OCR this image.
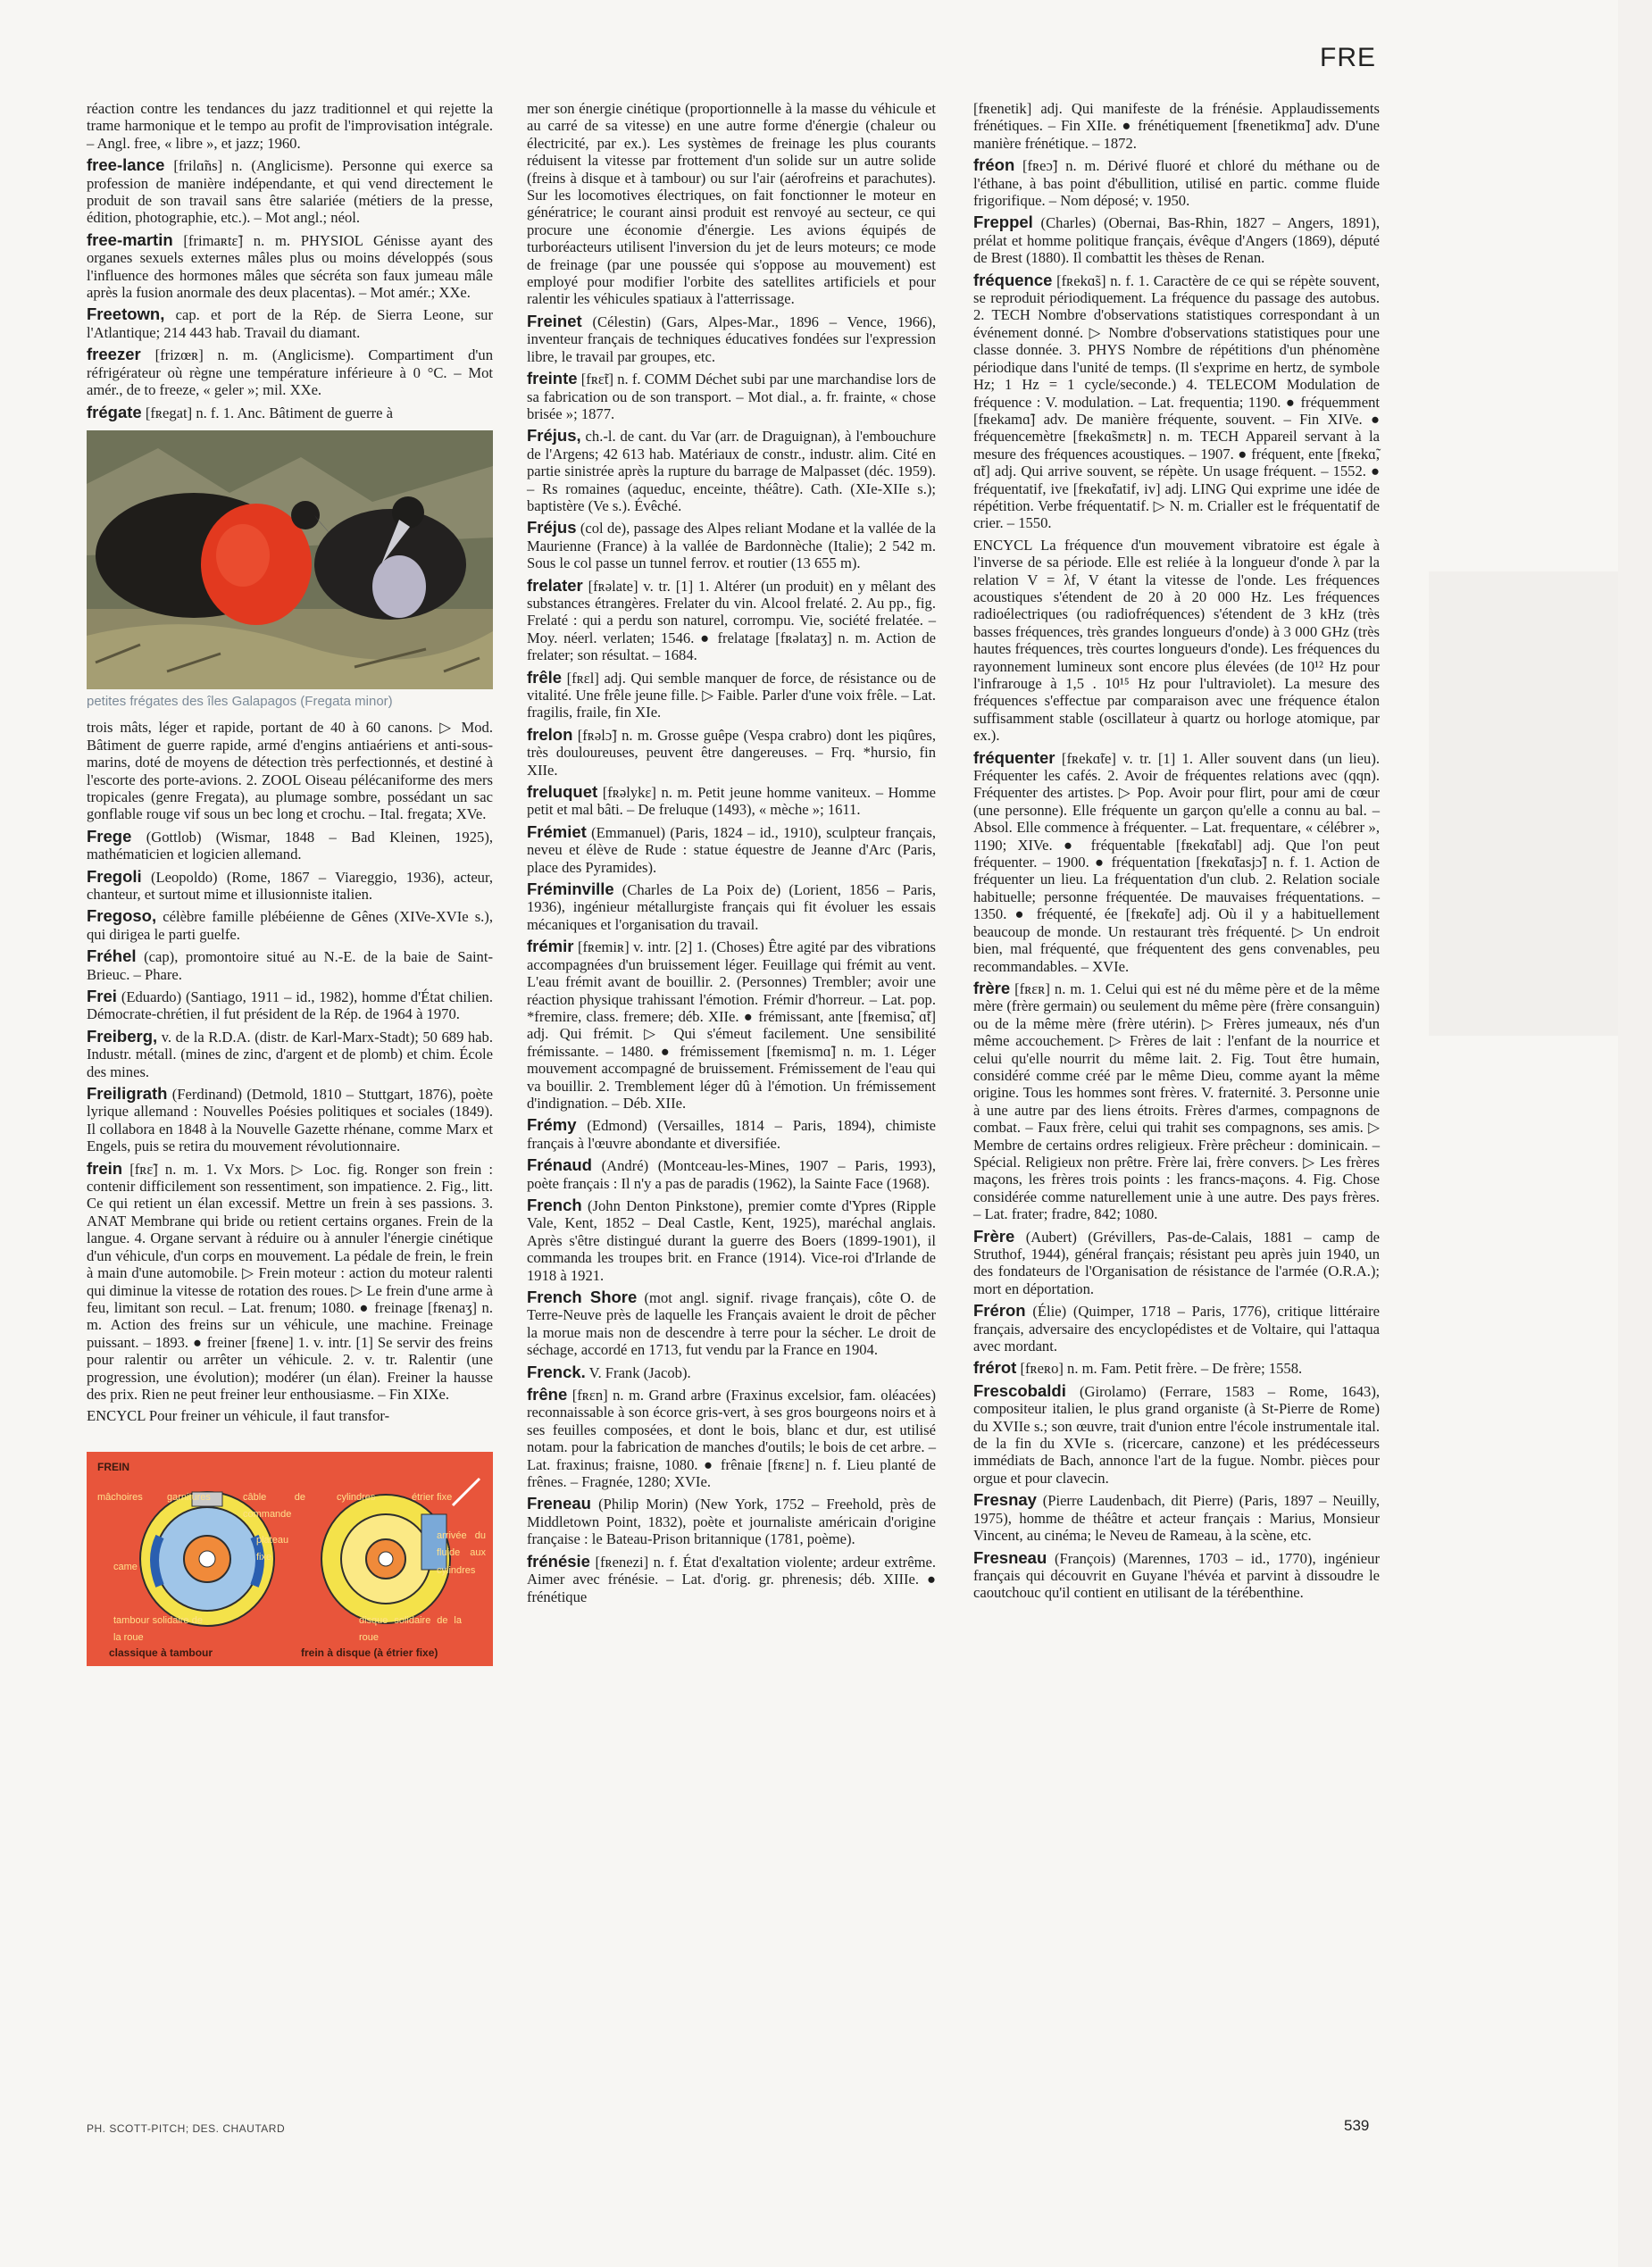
FRE

réaction contre les tendances du jazz traditionnel et qui rejette la trame harmonique et le tempo au profit de l'improvisation intégrale. – Angl. free, « libre », et jazz; 1960.

free-lance [frilɑ̃ns] n. (Anglicisme). Personne qui exerce sa profession de manière indépendante, et qui vend directement le produit de son travail sans être salariée (métiers de la presse, édition, photographie, etc.). – Mot angl.; néol.

free-martin [frimaʀtɛ̃] n. m. PHYSIOL Génisse ayant des organes sexuels externes mâles plus ou moins développés (sous l'influence des hormones mâles que sécréta son faux jumeau mâle après la fusion anormale des deux placentas). – Mot amér.; XXe.

Freetown, cap. et port de la Rép. de Sierra Leone, sur l'Atlantique; 214 443 hab. Travail du diamant.

freezer [frizœʀ] n. m. (Anglicisme). Compartiment d'un réfrigérateur où règne une température inférieure à 0 °C. – Mot amér., de to freeze, « geler »; mil. XXe.

frégate [fʀegat] n. f. 1. Anc. Bâtiment de guerre à

petites frégates des îles Galapagos (Fregata minor)

trois mâts, léger et rapide, portant de 40 à 60 canons. ▷ Mod. Bâtiment de guerre rapide, armé d'engins antiaériens et anti-sous-marins, doté de moyens de détection très perfectionnés, et destiné à l'escorte des porte-avions. 2. ZOOL Oiseau pélécaniforme des mers tropicales (genre Fregata), au plumage sombre, possédant un sac gonflable rouge vif sous un bec long et crochu. – Ital. fregata; XVe.

Frege (Gottlob) (Wismar, 1848 – Bad Kleinen, 1925), mathématicien et logicien allemand.

Fregoli (Leopoldo) (Rome, 1867 – Viareggio, 1936), acteur, chanteur, et surtout mime et illusionniste italien.

Fregoso, célèbre famille plébéienne de Gênes (XIVe-XVIe s.), qui dirigea le parti guelfe.

Fréhel (cap), promontoire situé au N.-E. de la baie de Saint-Brieuc. – Phare.

Frei (Eduardo) (Santiago, 1911 – id., 1982), homme d'État chilien. Démocrate-chrétien, il fut président de la Rép. de 1964 à 1970.

Freiberg, v. de la R.D.A. (distr. de Karl-Marx-Stadt); 50 689 hab. Industr. métall. (mines de zinc, d'argent et de plomb) et chim. École des mines.

Freiligrath (Ferdinand) (Detmold, 1810 – Stuttgart, 1876), poète lyrique allemand : Nouvelles Poésies politiques et sociales (1849). Il collabora en 1848 à la Nouvelle Gazette rhénane, comme Marx et Engels, puis se retira du mouvement révolutionnaire.

frein [fʀɛ̃] n. m. 1. Vx Mors. ▷ Loc. fig. Ronger son frein : contenir difficilement son ressentiment, son impatience. 2. Fig., litt. Ce qui retient un élan excessif. Mettre un frein à ses passions. 3. ANAT Membrane qui bride ou retient certains organes. Frein de la langue. 4. Organe servant à réduire ou à annuler l'énergie cinétique d'un véhicule, d'un corps en mouvement. La pédale de frein, le frein à main d'une automobile. ▷ Frein moteur : action du moteur ralenti qui diminue la vitesse de rotation des roues. ▷ Le frein d'une arme à feu, limitant son recul. – Lat. frenum; 1080. ● freinage [fʀenaʒ] n. m. Action des freins sur un véhicule, une machine. Freinage puissant. – 1893. ● freiner [fʀene] 1. v. intr. [1] Se servir des freins pour ralentir ou arrêter un véhicule. 2. v. tr. Ralentir (une progression, une évolution); modérer (un élan). Freiner la hausse des prix. Rien ne peut freiner leur enthousiasme. – Fin XIXe.

ENCYCL Pour freiner un véhicule, il faut transfor-

FREIN
mâchoires garnitures	câble de commande
cylindres	étrier fixe
plateau fixe
came
arrivée du fluide aux cylindres
tambour solidaire de la roue
disque solidaire de la roue
classique à tambour	frein à disque (à étrier fixe)

mer son énergie cinétique (proportionnelle à la masse du véhicule et au carré de sa vitesse) en une autre forme d'énergie (chaleur ou électricité, par ex.). Les systèmes de freinage les plus courants réduisent la vitesse par frottement d'un solide sur un autre solide (freins à disque et à tambour) ou sur l'air (aérofreins et parachutes). Sur les locomotives électriques, on fait fonctionner le moteur en génératrice; le courant ainsi produit est renvoyé au secteur, ce qui procure une économie d'énergie. Les avions équipés de turboréacteurs utilisent l'inversion du jet de leurs moteurs; ce mode de freinage (par une poussée qui s'oppose au mouvement) est employé pour modifier l'orbite des satellites artificiels et pour ralentir les véhicules spatiaux à l'atterrissage.

Freinet (Célestin) (Gars, Alpes-Mar., 1896 – Vence, 1966), inventeur français de techniques éducatives fondées sur l'expression libre, le travail par groupes, etc.

freinte [fʀɛ̃t] n. f. COMM Déchet subi par une marchandise lors de sa fabrication ou de son transport. – Mot dial., a. fr. frainte, « chose brisée »; 1877.

Fréjus, ch.-l. de cant. du Var (arr. de Draguignan), à l'embouchure de l'Argens; 42 613 hab. Matériaux de constr., industr. alim. Cité en partie sinistrée après la rupture du barrage de Malpasset (déc. 1959). – Rs romaines (aqueduc, enceinte, théâtre). Cath. (XIe-XIIe s.); baptistère (Ve s.). Évêché.

Fréjus (col de), passage des Alpes reliant Modane et la vallée de la Maurienne (France) à la vallée de Bardonnèche (Italie); 2 542 m. Sous le col passe un tunnel ferrov. et routier (13 655 m).

frelater [fʀəlate] v. tr. [1] 1. Altérer (un produit) en y mêlant des substances étrangères. Frelater du vin. Alcool frelaté. 2. Au pp., fig. Frelaté : qui a perdu son naturel, corrompu. Vie, société frelatée. – Moy. néerl. verlaten; 1546. ● frelatage [fʀəlataʒ] n. m. Action de frelater; son résultat. – 1684.

frêle [fʀɛl] adj. Qui semble manquer de force, de résistance ou de vitalité. Une frêle jeune fille. ▷ Faible. Parler d'une voix frêle. – Lat. fragilis, fraile, fin XIe.

frelon [fʀəlɔ̃] n. m. Grosse guêpe (Vespa crabro) dont les piqûres, très douloureuses, peuvent être dangereuses. – Frq. *hursio, fin XIIe.

freluquet [fʀəlykɛ] n. m. Petit jeune homme vaniteux. – Homme petit et mal bâti. – De freluque (1493), « mèche »; 1611.

Frémiet (Emmanuel) (Paris, 1824 – id., 1910), sculpteur français, neveu et élève de Rude : statue équestre de Jeanne d'Arc (Paris, place des Pyramides).

Fréminville (Charles de La Poix de) (Lorient, 1856 – Paris, 1936), ingénieur métallurgiste français qui fit évoluer les essais mécaniques et l'organisation du travail.

frémir [fʀemiʀ] v. intr. [2] 1. (Choses) Être agité par des vibrations accompagnées d'un bruissement léger. Feuillage qui frémit au vent. L'eau frémit avant de bouillir. 2. (Personnes) Trembler; avoir une réaction physique trahissant l'émotion. Frémir d'horreur. – Lat. pop. *fremire, class. fremere; déb. XIIe. ● frémissant, ante [fʀemisɑ̃, ɑ̃t] adj. Qui frémit. ▷ Qui s'émeut facilement. Une sensibilité frémissante. – 1480. ● frémissement [fʀemismɑ̃] n. m. 1. Léger mouvement accompagné de bruissement. Frémissement de l'eau qui va bouillir. 2. Tremblement léger dû à l'émotion. Un frémissement d'indignation. – Déb. XIIe.

Frémy (Edmond) (Versailles, 1814 – Paris, 1894), chimiste français à l'œuvre abondante et diversifiée.

Frénaud (André) (Montceau-les-Mines, 1907 – Paris, 1993), poète français : Il n'y a pas de paradis (1962), la Sainte Face (1968).

French (John Denton Pinkstone), premier comte d'Ypres (Ripple Vale, Kent, 1852 – Deal Castle, Kent, 1925), maréchal anglais. Après s'être distingué durant la guerre des Boers (1899-1901), il commanda les troupes brit. en France (1914). Vice-roi d'Irlande de 1918 à 1921.

French Shore (mot angl. signif. rivage français), côte O. de Terre-Neuve près de laquelle les Français avaient le droit de pêcher la morue mais non de descendre à terre pour la sécher. Le droit de séchage, accordé en 1713, fut vendu par la France en 1904.

Frenck. V. Frank (Jacob).

frêne [fʀɛn] n. m. Grand arbre (Fraxinus excelsior, fam. oléacées) reconnaissable à son écorce gris-vert, à ses gros bourgeons noirs et à ses feuilles composées, et dont le bois, blanc et dur, est utilisé notam. pour la fabrication de manches d'outils; le bois de cet arbre. – Lat. fraxinus; fraisne, 1080. ● frênaie [fʀɛnɛ] n. f. Lieu planté de frênes. – Fragnée, 1280; XVIe.

Freneau (Philip Morin) (New York, 1752 – Freehold, près de Middletown Point, 1832), poète et journaliste américain d'origine française : le Bateau-Prison britannique (1781, poème).

frénésie [fʀenezi] n. f. État d'exaltation violente; ardeur extrême. Aimer avec frénésie. – Lat. d'orig. gr. phrenesis; déb. XIIIe. ● frénétique

[fʀenetik] adj. Qui manifeste de la frénésie. Applaudissements frénétiques. – Fin XIIe. ● frénétiquement [fʀenetikmɑ̃] adv. D'une manière frénétique. – 1872.

fréon [fʀeɔ̃] n. m. Dérivé fluoré et chloré du méthane ou de l'éthane, à bas point d'ébullition, utilisé en partic. comme fluide frigorifique. – Nom déposé; v. 1950.

Freppel (Charles) (Obernai, Bas-Rhin, 1827 – Angers, 1891), prélat et homme politique français, évêque d'Angers (1869), député de Brest (1880). Il combattit les thèses de Renan.

fréquence [fʀekɑ̃s] n. f. 1. Caractère de ce qui se répète souvent, se reproduit périodiquement. La fréquence du passage des autobus. 2. TECH Nombre d'observations statistiques correspondant à un événement donné. ▷ Nombre d'observations statistiques pour une classe donnée. 3. PHYS Nombre de répétitions d'un phénomène périodique dans l'unité de temps. (Il s'exprime en hertz, de symbole Hz; 1 Hz = 1 cycle/seconde.) 4. TELECOM Modulation de fréquence : V. modulation. – Lat. frequentia; 1190. ● fréquemment [fʀekamɑ̃] adv. De manière fréquente, souvent. – Fin XIVe. ● fréquencemètre [fʀekɑ̃smɛtʀ] n. m. TECH Appareil servant à la mesure des fréquences acoustiques. – 1907. ● fréquent, ente [fʀekɑ̃, ɑ̃t] adj. Qui arrive souvent, se répète. Un usage fréquent. – 1552. ● fréquentatif, ive [fʀekɑ̃tatif, iv] adj. LING Qui exprime une idée de répétition. Verbe fréquentatif. ▷ N. m. Crialler est le fréquentatif de crier. – 1550.

ENCYCL La fréquence d'un mouvement vibratoire est égale à l'inverse de sa période. Elle est reliée à la longueur d'onde λ par la relation V = λf, V étant la vitesse de l'onde. Les fréquences acoustiques s'étendent de 20 à 20 000 Hz. Les fréquences radioélectriques (ou radiofréquences) s'étendent de 3 kHz (très basses fréquences, très grandes longueurs d'onde) à 3 000 GHz (très hautes fréquences, très courtes longueurs d'onde). Les fréquences du rayonnement lumineux sont encore plus élevées (de 10¹² Hz pour l'infrarouge à 1,5 . 10¹⁵ Hz pour l'ultraviolet). La mesure des fréquences s'effectue par comparaison avec une fréquence étalon suffisamment stable (oscillateur à quartz ou horloge atomique, par ex.).

fréquenter [fʀekɑ̃te] v. tr. [1] 1. Aller souvent dans (un lieu). Fréquenter les cafés. 2. Avoir de fréquentes relations avec (qqn). Fréquenter des artistes. ▷ Pop. Avoir pour flirt, pour ami de cœur (une personne). Elle fréquente un garçon qu'elle a connu au bal. – Absol. Elle commence à fréquenter. – Lat. frequentare, « célébrer », 1190; XIVe. ● fréquentable [fʀekɑ̃tabl] adj. Que l'on peut fréquenter. – 1900. ● fréquentation [fʀekɑ̃tasjɔ̃] n. f. 1. Action de fréquenter un lieu. La fréquentation d'un club. 2. Relation sociale habituelle; personne fréquentée. De mauvaises fréquentations. – 1350. ● fréquenté, ée [fʀekɑ̃te] adj. Où il y a habituellement beaucoup de monde. Un restaurant très fréquenté. ▷ Un endroit bien, mal fréquenté, que fréquentent des gens convenables, peu recommandables. – XVIe.

frère [fʀɛʀ] n. m. 1. Celui qui est né du même père et de la même mère (frère germain) ou seulement du même père (frère consanguin) ou de la même mère (frère utérin). ▷ Frères jumeaux, nés d'un même accouchement. ▷ Frères de lait : l'enfant de la nourrice et celui qu'elle nourrit du même lait. 2. Fig. Tout être humain, considéré comme créé par le même Dieu, comme ayant la même origine. Tous les hommes sont frères. V. fraternité. 3. Personne unie à une autre par des liens étroits. Frères d'armes, compagnons de combat. – Faux frère, celui qui trahit ses compagnons, ses amis. ▷ Membre de certains ordres religieux. Frère prêcheur : dominicain. – Spécial. Religieux non prêtre. Frère lai, frère convers. ▷ Les frères maçons, les frères trois points : les francs-maçons. 4. Fig. Chose considérée comme naturellement unie à une autre. Des pays frères. – Lat. frater; fradre, 842; 1080.

Frère (Aubert) (Grévillers, Pas-de-Calais, 1881 – camp de Struthof, 1944), général français; résistant peu après juin 1940, un des fondateurs de l'Organisation de résistance de l'armée (O.R.A.); mort en déportation.

Fréron (Élie) (Quimper, 1718 – Paris, 1776), critique littéraire français, adversaire des encyclopédistes et de Voltaire, qui l'attaqua avec mordant.

frérot [fʀeʀo] n. m. Fam. Petit frère. – De frère; 1558.

Frescobaldi (Girolamo) (Ferrare, 1583 – Rome, 1643), compositeur italien, le plus grand organiste (à St-Pierre de Rome) du XVIIe s.; son œuvre, trait d'union entre l'école instrumentale ital. de la fin du XVIe s. (ricercare, canzone) et les prédécesseurs immédiats de Bach, annonce l'art de la fugue. Nombr. pièces pour orgue et pour clavecin.

Fresnay (Pierre Laudenbach, dit Pierre) (Paris, 1897 – Neuilly, 1975), homme de théâtre et acteur français : Marius, Monsieur Vincent, au cinéma; le Neveu de Rameau, à la scène, etc.

Fresneau (François) (Marennes, 1703 – id., 1770), ingénieur français qui découvrit en Guyane l'hévéa et parvint à dissoudre le caoutchouc qu'il contient en utilisant de la térébenthine.

PH. SCOTT-PITCH; DES. CHAUTARD	539
